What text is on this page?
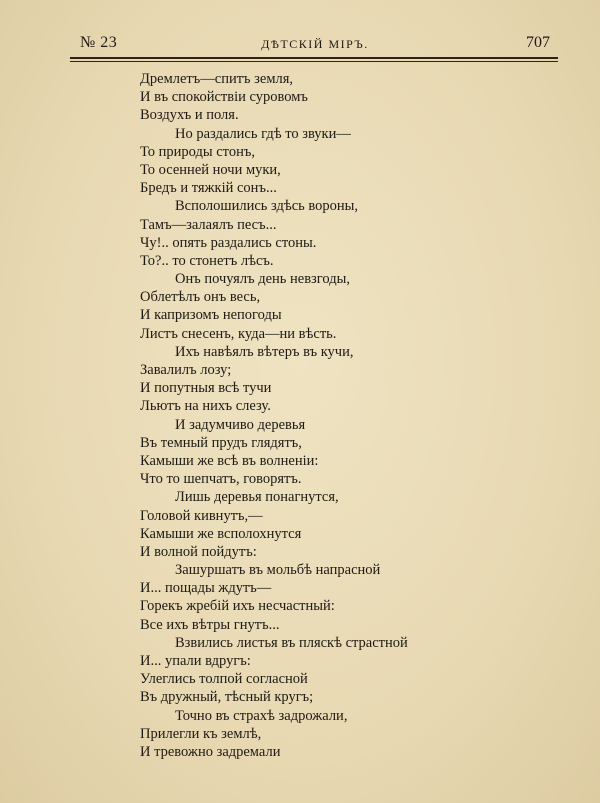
№ 23	ДѢТСКІЙ МІРЪ.	707
Дремлетъ—спитъ земля,
И въ спокойствіи суровомъ
Воздухъ и поля.
Но раздались гдѣ то звуки—
То природы стонъ,
То осенней ночи муки,
Бредъ и тяжкій сонъ...
Всполошились здѣсь вороны,
Тамъ—залаялъ песъ...
Чу!.. опять раздались стоны.
То?.. то стонетъ лѣсъ.
Онъ почуялъ день невзгоды,
Облетѣлъ онъ весь,
И капризомъ непогоды
Листъ снесенъ, куда—ни вѣсть.
Ихъ навѣялъ вѣтеръ въ кучи,
Завалилъ лозу;
И попутныя всѣ тучи
Льютъ на нихъ слезу.
И задумчиво деревья
Въ темный прудъ глядятъ,
Камыши же всѣ въ волненіи:
Что то шепчатъ, говорятъ.
Лишь деревья понагнутся,
Головой кивнутъ,—
Камыши же всполохнутся
И волной пойдутъ:
Зашуршатъ въ мольбѣ напрасной
И... пощады ждутъ—
Горекъ жребій ихъ несчастный:
Все ихъ вѣтры гнутъ...
Взвились листья въ пляскѣ страстной
И... упали вдругъ:
Улеглись толпой согласной
Въ дружный, тѣсный кругъ;
Точно въ страхѣ задрожали,
Прилегли къ землѣ,
И тревожно задремали
